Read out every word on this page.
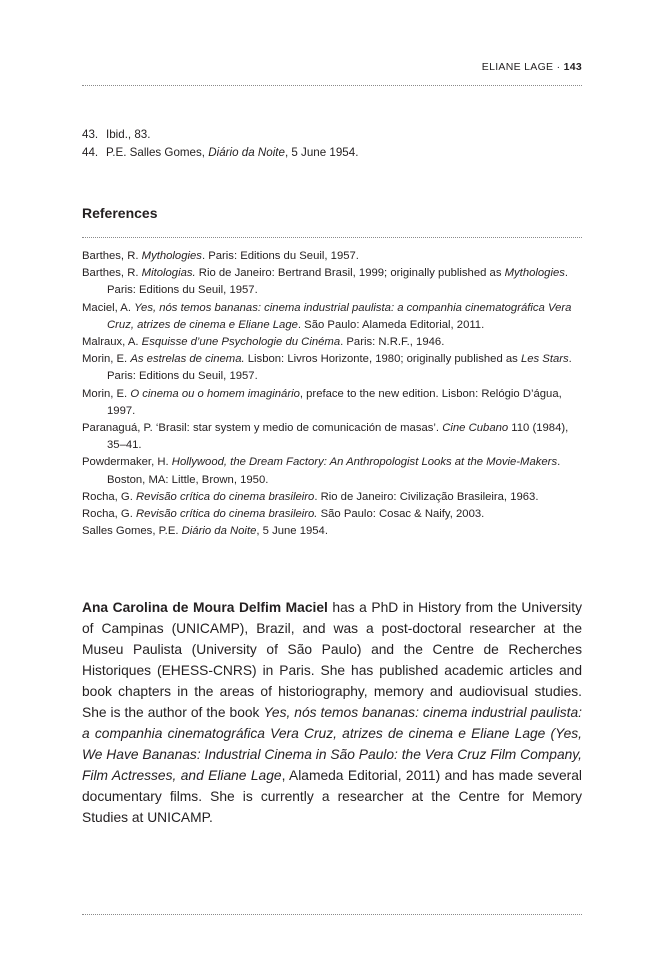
ELIANE LAGE · 143
43. Ibid., 83.
44. P.E. Salles Gomes, Diário da Noite, 5 June 1954.
References
Barthes, R. Mythologies. Paris: Editions du Seuil, 1957.
Barthes, R. Mitologias. Rio de Janeiro: Bertrand Brasil, 1999; originally published as Mythologies. Paris: Editions du Seuil, 1957.
Maciel, A. Yes, nós temos bananas: cinema industrial paulista: a companhia cinematográfica Vera Cruz, atrizes de cinema e Eliane Lage. São Paulo: Alameda Editorial, 2011.
Malraux, A. Esquisse d’une Psychologie du Cinéma. Paris: N.R.F., 1946.
Morin, E. As estrelas de cinema. Lisbon: Livros Horizonte, 1980; originally published as Les Stars. Paris: Editions du Seuil, 1957.
Morin, E. O cinema ou o homem imaginário, preface to the new edition. Lisbon: Relógio D’água, 1997.
Paranaguá, P. ‘Brasil: star system y medio de comunicación de masas’. Cine Cubano 110 (1984), 35–41.
Powdermaker, H. Hollywood, the Dream Factory: An Anthropologist Looks at the Movie-Makers. Boston, MA: Little, Brown, 1950.
Rocha, G. Revisão crítica do cinema brasileiro. Rio de Janeiro: Civilização Brasileira, 1963.
Rocha, G. Revisão crítica do cinema brasileiro. São Paulo: Cosac & Naify, 2003.
Salles Gomes, P.E. Diário da Noite, 5 June 1954.
Ana Carolina de Moura Delfim Maciel has a PhD in History from the University of Campinas (UNICAMP), Brazil, and was a post-doctoral researcher at the Museu Paulista (University of São Paulo) and the Centre de Recherches Historiques (EHESS-CNRS) in Paris. She has published academic articles and book chapters in the areas of historiography, memory and audiovisual studies. She is the author of the book Yes, nós temos bananas: cinema industrial paulista: a companhia cinematográfica Vera Cruz, atrizes de cinema e Eliane Lage (Yes, We Have Bananas: Industrial Cinema in São Paulo: the Vera Cruz Film Company, Film Actresses, and Eliane Lage, Alameda Editorial, 2011) and has made several documentary films. She is currently a researcher at the Centre for Memory Studies at UNICAMP.
